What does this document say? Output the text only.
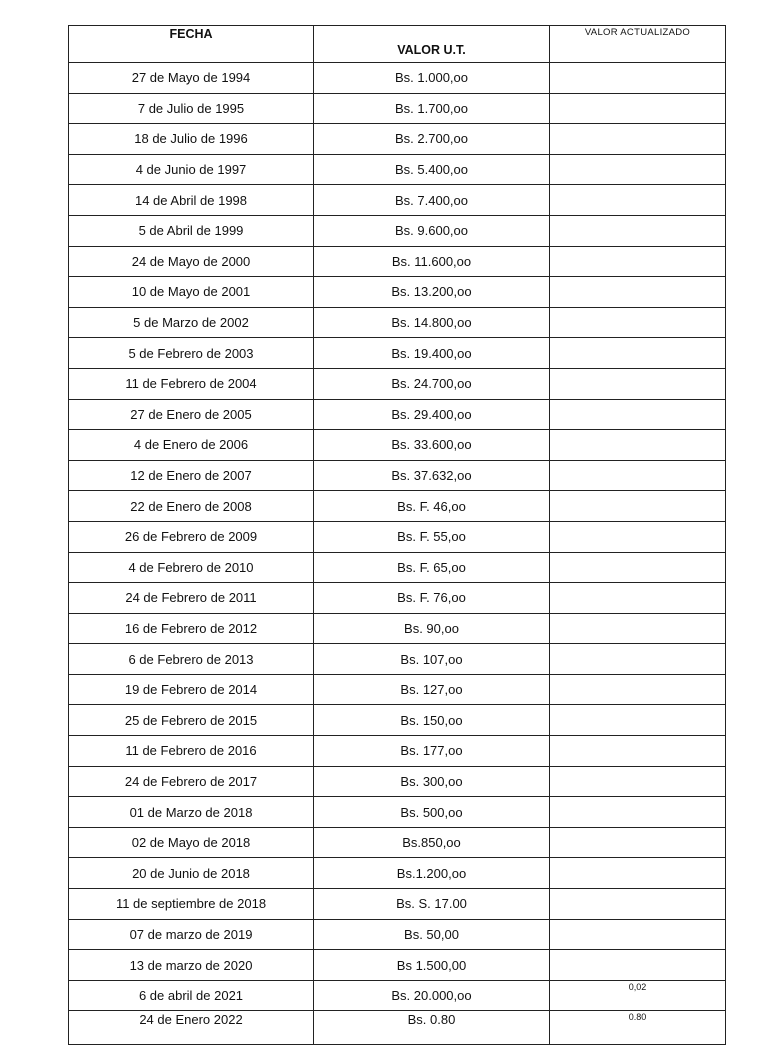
FECHA	VALOR U.T.	VALOR ACTUALIZADO
27 de Mayo de 1994	Bs. 1.000,oo	
7 de Julio de 1995	Bs. 1.700,oo	
18 de Julio de 1996	Bs. 2.700,oo	
4 de Junio de 1997	Bs. 5.400,oo	
14 de Abril de 1998	Bs. 7.400,oo	
5 de Abril de 1999	Bs. 9.600,oo	
24 de Mayo de 2000	Bs. 11.600,oo	
10 de Mayo de 2001	Bs. 13.200,oo	
5 de Marzo de 2002	Bs. 14.800,oo	
5 de Febrero de 2003	Bs. 19.400,oo	
11 de Febrero de 2004	Bs. 24.700,oo	
27 de Enero de 2005	Bs. 29.400,oo	
4 de Enero de 2006	Bs. 33.600,oo	
12 de Enero de 2007	Bs. 37.632,oo	
22 de Enero de 2008	Bs. F. 46,oo	
26 de Febrero de 2009	Bs. F. 55,oo	
4 de Febrero de 2010	Bs. F. 65,oo	
24 de Febrero de 2011	Bs. F. 76,oo	
16 de Febrero de 2012	Bs. 90,oo	
6 de Febrero de 2013	Bs. 107,oo	
19 de Febrero de 2014	Bs. 127,oo	
25 de Febrero de 2015	Bs. 150,oo	
11 de Febrero de 2016	Bs. 177,oo	
24 de Febrero de 2017	Bs. 300,oo	
01 de Marzo de 2018	Bs. 500,oo	
02 de Mayo de 2018	Bs.850,oo	
20 de Junio de 2018	Bs.1.200,oo	
11 de septiembre de 2018	Bs. S. 17.00	
07 de marzo de 2019	Bs. 50,00	
13 de marzo de 2020	Bs 1.500,00	
6 de abril de 2021	Bs. 20.000,oo	0,02
24 de Enero 2022	Bs. 0.80	0.80
